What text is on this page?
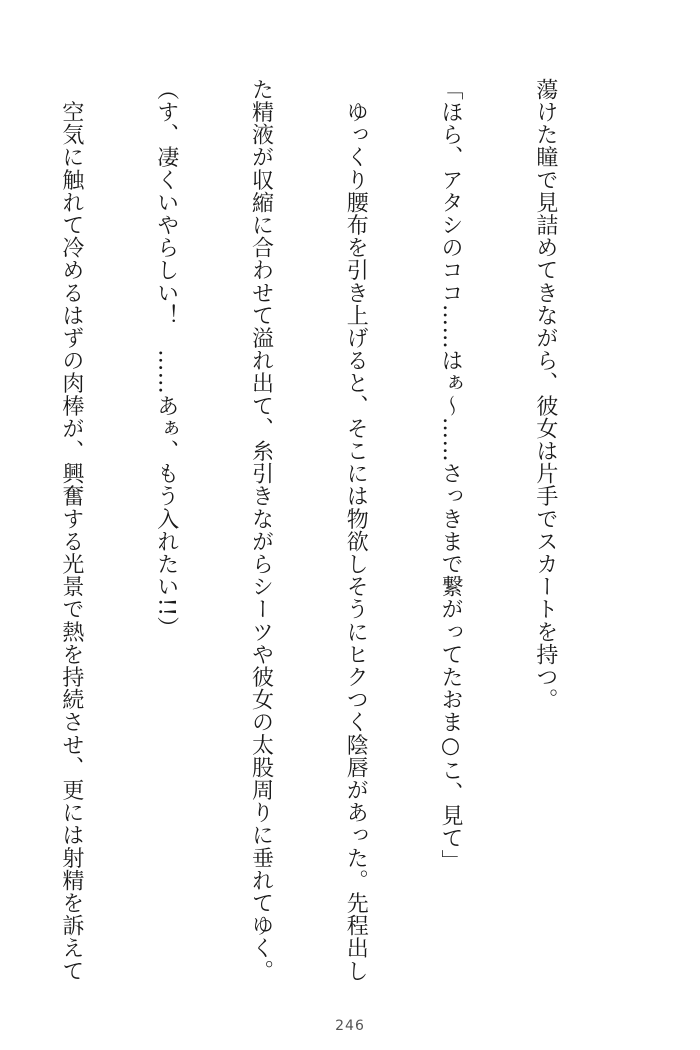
蕩けた瞳で見詰めてきながら、彼女は片手でスカートを持つ。

「ほら、アタシのココ……はぁ～……さっきまで繋がってたおま○こ、見て」

　ゆっくり腰布を引き上げると、そこには物欲しそうにヒクつく陰唇があった。先程出し

た精液が収縮に合わせて溢れ出て、糸引きながらシーツや彼女の太股周りに垂れてゆく。

（す、凄くいやらしい！　……あぁ、もう入れたい!!）

　空気に触れて冷めるはずの肉棒が、興奮する光景で熱を持続させ、更には射精を訴えて

246
